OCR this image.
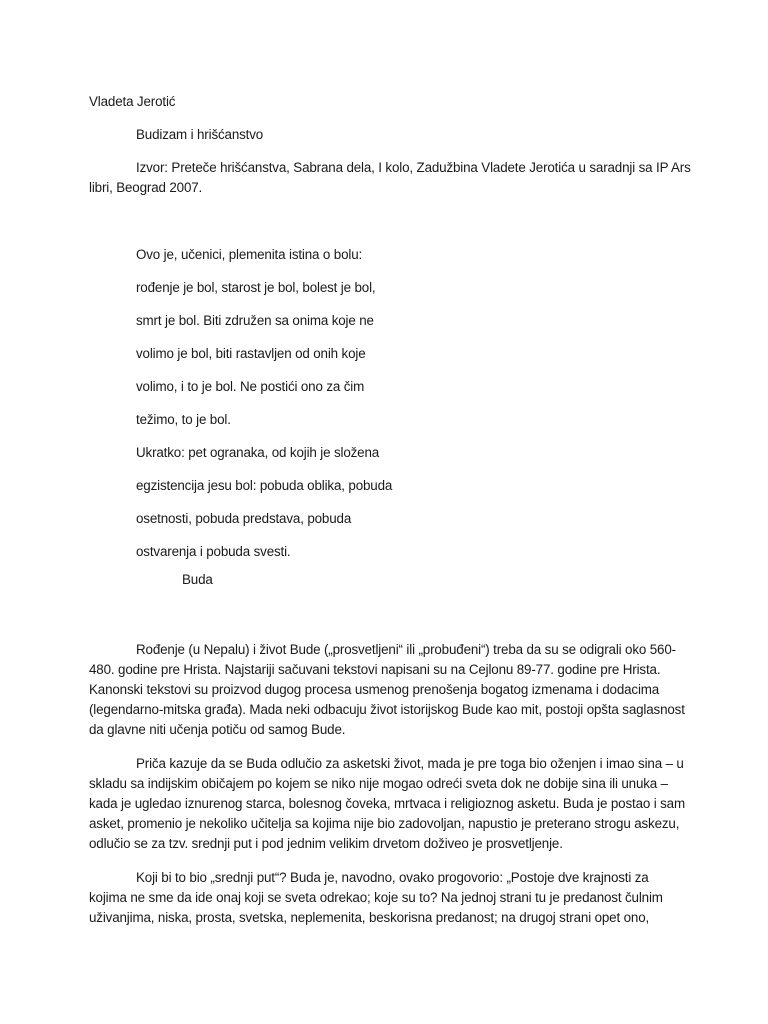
Vladeta Jerotić

Budizam i hrišćanstvo

Izvor: Preteče hrišćanstva, Sabrana dela, I kolo, Zadužbina Vladete Jerotića u saradnji sa IP Ars

libri, Beograd 2007.

Ovo je, učenici, plemenita istina o bolu:

rođenje je bol, starost je bol, bolest je bol,

smrt je bol. Biti združen sa onima koje ne

volimo je bol, biti rastavljen od onih koje

volimo, i to je bol. Ne postići ono za čim

težimo, to je bol.

Ukratko: pet ogranaka, od kojih je složena

egzistencija jesu bol: pobuda oblika, pobuda

osetnosti, pobuda predstava, pobuda

ostvarenja i pobuda svesti.

Buda

Rođenje (u Nepalu) i život Bude („prosvetljeni“ ili „probuđeni“) treba da su se odigrali oko 560-

480. godine pre Hrista. Najstariji sačuvani tekstovi napisani su na Cejlonu 89-77. godine pre Hrista.

Kanonski tekstovi su proizvod dugog procesa usmenog prenošenja bogatog izmenama i dodacima

(legendarno-mitska građa). Mada neki odbacuju život istorijskog Bude kao mit, postoji opšta saglasnost

da glavne niti učenja potiču od samog Bude.

Priča kazuje da se Buda odlučio za asketski život, mada je pre toga bio oženjen i imao sina – u

skladu sa indijskim običajem po kojem se niko nije mogao odreći sveta dok ne dobije sina ili unuka –

kada je ugledao iznurenog starca, bolesnog čoveka, mrtvaca i religioznog asketu. Buda je postao i sam

asket, promenio je nekoliko učitelja sa kojima nije bio zadovoljan, napustio je preterano strogu askezu,

odlučio se za tzv. srednji put i pod jednim velikim drvetom doživeo je prosvetljenje.

Koji bi to bio „srednji put“? Buda je, navodno, ovako progovorio: „Postoje dve krajnosti za

kojima ne sme da ide onaj koji se sveta odrekao; koje su to? Na jednoj strani tu je predanost čulnim

uživanjima, niska, prosta, svetska, neplemenita, beskorisna predanost; na drugoj strani opet ono,
